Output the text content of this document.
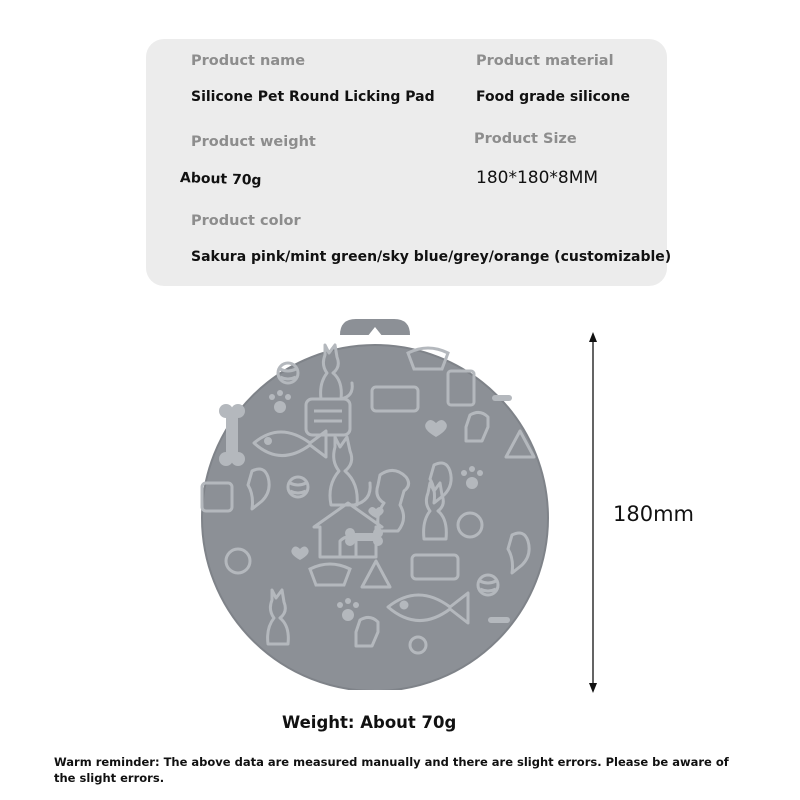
Product name
Silicone Pet Round Licking Pad
Product material
Food grade silicone
Product weight
About 70g
Product Size
180*180*8MM
Product color
Sakura pink/mint green/sky blue/grey/orange (customizable)
180mm
Weight: About 70g
Warm reminder: The above data are measured manually and there are slight errors. Please be aware of the slight errors.
